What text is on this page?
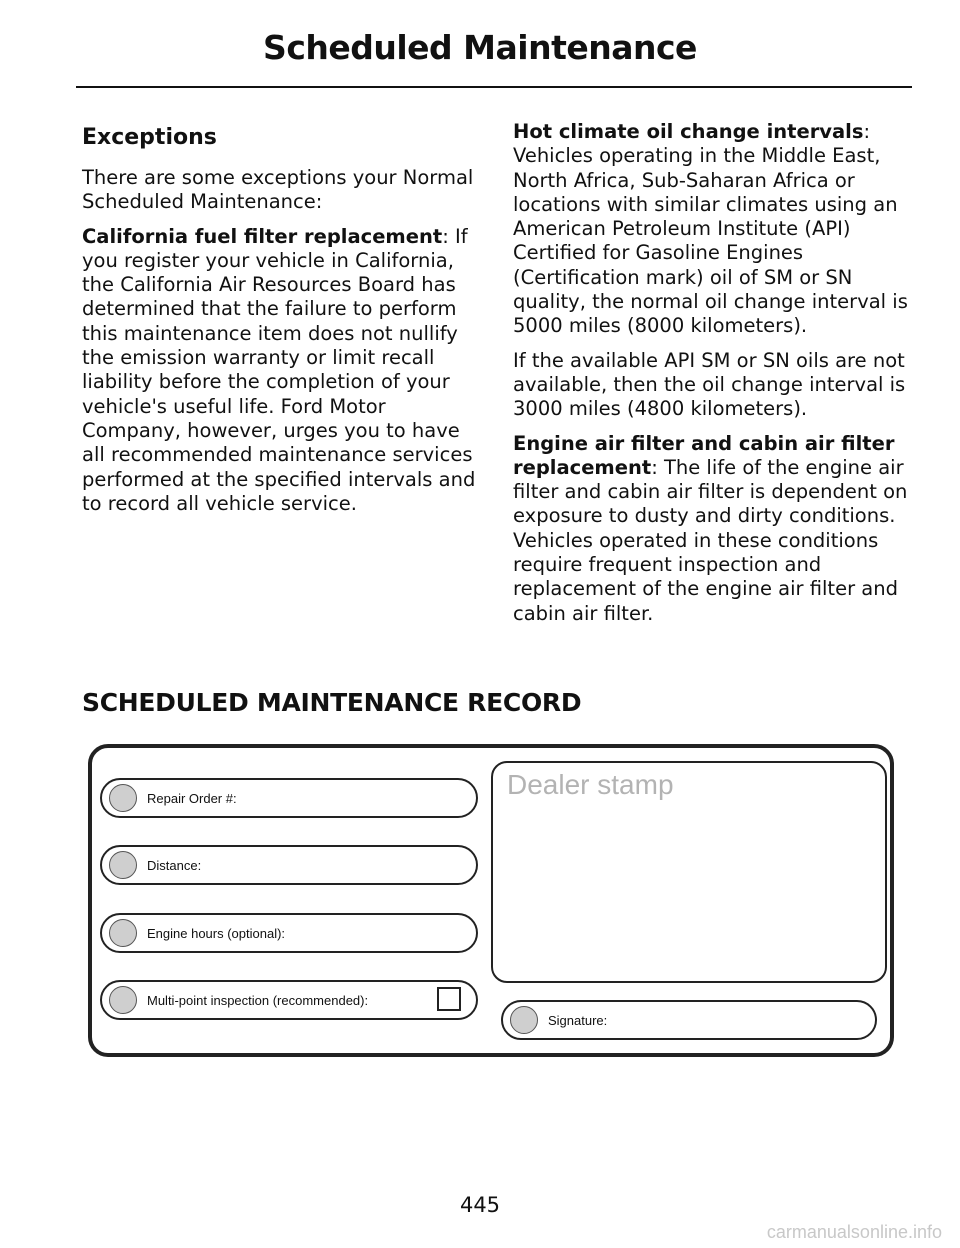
Scheduled Maintenance
Exceptions

There are some exceptions your Normal Scheduled Maintenance:

California fuel filter replacement: If you register your vehicle in California, the California Air Resources Board has determined that the failure to perform this maintenance item does not nullify the emission warranty or limit recall liability before the completion of your vehicle's useful life. Ford Motor Company, however, urges you to have all recommended maintenance services performed at the specified intervals and to record all vehicle service.

Hot climate oil change intervals: Vehicles operating in the Middle East, North Africa, Sub-Saharan Africa or locations with similar climates using an American Petroleum Institute (API) Certified for Gasoline Engines (Certification mark) oil of SM or SN quality, the normal oil change interval is 5000 miles (8000 kilometers).

If the available API SM or SN oils are not available, then the oil change interval is 3000 miles (4800 kilometers).

Engine air filter and cabin air filter replacement: The life of the engine air filter and cabin air filter is dependent on exposure to dusty and dirty conditions. Vehicles operated in these conditions require frequent inspection and replacement of the engine air filter and cabin air filter.

SCHEDULED MAINTENANCE RECORD
Repair Order #:
Distance:
Engine hours (optional):
Multi-point inspection (recommended):
Dealer stamp
Signature:
445
carmanualsonline.info
